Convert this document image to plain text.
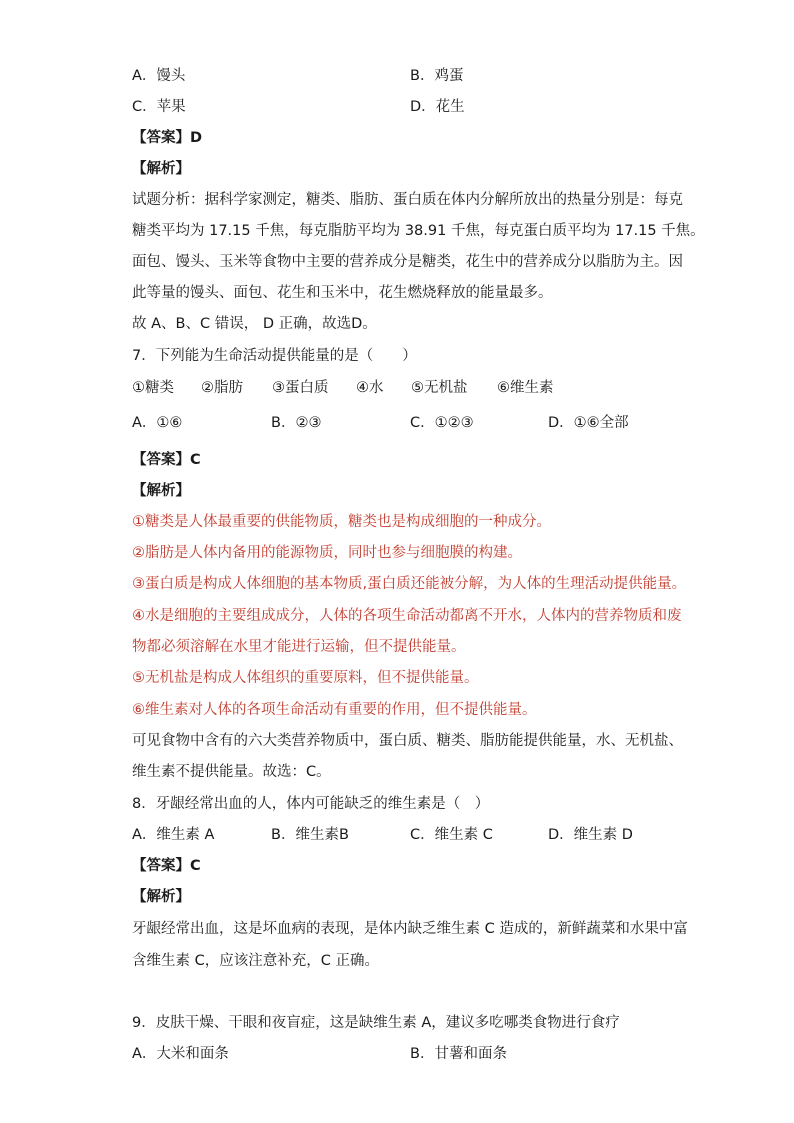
A．馒头	B．鸡蛋
C．苹果	D．花生
【答案】D
【解析】
试题分析：据科学家测定，糖类、脂肪、蛋白质在体内分解所放出的热量分别是：每克
糖类平均为 17.15 千焦，每克脂肪平均为 38.91 千焦，每克蛋白质平均为 17.15 千焦。
面包、馒头、玉米等食物中主要的营养成分是糖类，花生中的营养成分以脂肪为主。因
此等量的馒头、面包、花生和玉米中，花生燃烧释放的能量最多。
故 A、B、C 错误， D 正确，故选D。
7．下列能为生命活动提供能量的是（　　）
①糖类 ②脂肪 ③蛋白质 ④水 ⑤无机盐 ⑥维生素
A．①⑥	B．②③	C．①②③	D．①⑥全部
【答案】C
【解析】
①糖类是人体最重要的供能物质，糖类也是构成细胞的一种成分。
②脂肪是人体内备用的能源物质，同时也参与细胞膜的构建。
③蛋白质是构成人体细胞的基本物质,蛋白质还能被分解，为人体的生理活动提供能量。
④水是细胞的主要组成成分，人体的各项生命活动都离不开水，人体内的营养物质和废
物都必须溶解在水里才能进行运输，但不提供能量。
⑤无机盐是构成人体组织的重要原料，但不提供能量。
⑥维生素对人体的各项生命活动有重要的作用，但不提供能量。
可见食物中含有的六大类营养物质中，蛋白质、糖类、脂肪能提供能量，水、无机盐、
维生素不提供能量。故选：C。
8．牙龈经常出血的人，体内可能缺乏的维生素是（　）
A．维生素 A	B．维生素B	C．维生素 C	D．维生素 D
【答案】C
【解析】
牙龈经常出血，这是坏血病的表现，是体内缺乏维生素 C 造成的，新鲜蔬菜和水果中富
含维生素 C，应该注意补充，C 正确。
9．皮肤干燥、干眼和夜盲症，这是缺维生素 A，建议多吃哪类食物进行食疗
A．大米和面条	B．甘薯和面条
